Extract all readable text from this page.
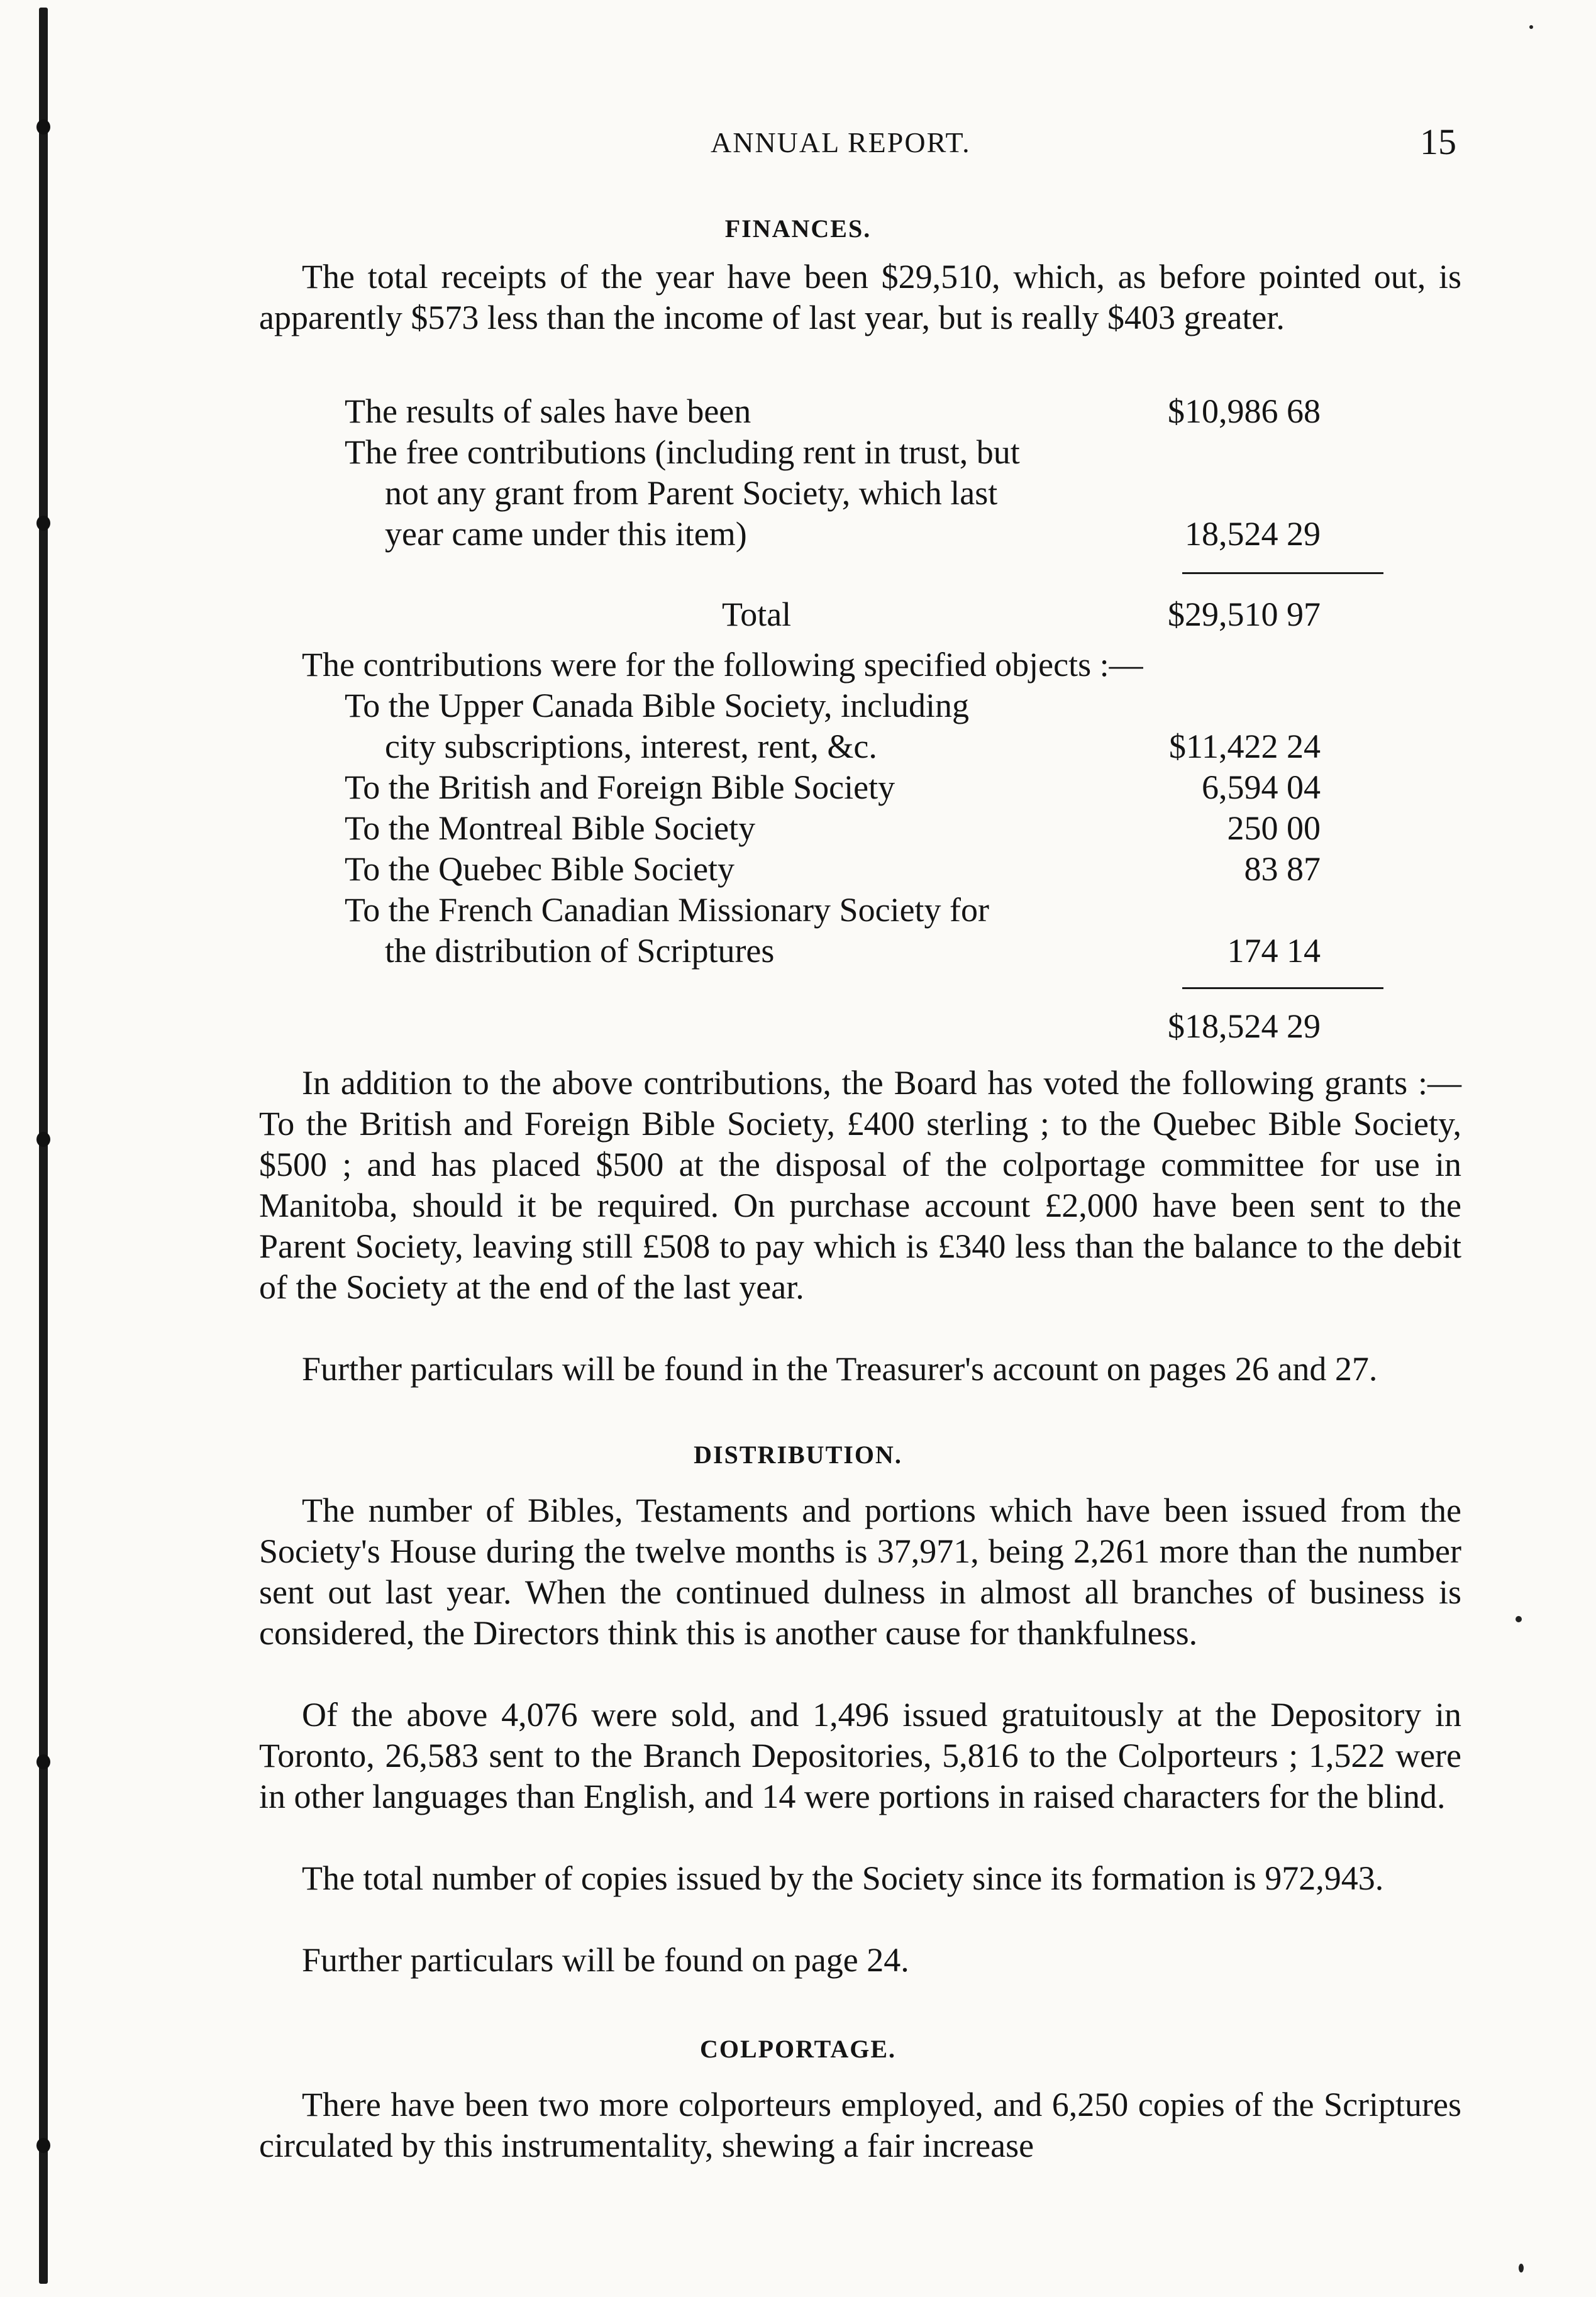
ANNUAL REPORT.	15
FINANCES.

The total receipts of the year have been $29,510, which, as before pointed out, is apparently $573 less than the income of last year, but is really $403 greater.

The results of sales have been	$10,986 68
The free contributions (including rent in trust, but
not any grant from Parent Society, which last
year came under this item)	18,524 29
Total	$29,510 97
The contributions were for the following specified objects :—
To the Upper Canada Bible Society, including
city subscriptions, interest, rent, &c.	$11,422 24
To the British and Foreign Bible Society	6,594 04
To the Montreal Bible Society	250 00
To the Quebec Bible Society	83 87
To the French Canadian Missionary Society for
the distribution of Scriptures	174 14
$18,524 29

In addition to the above contributions, the Board has voted the following grants :—To the British and Foreign Bible Society, £400 sterling ; to the Quebec Bible Society, $500 ; and has placed $500 at the disposal of the colportage committee for use in Manitoba, should it be required. On purchase account £2,000 have been sent to the Parent Society, leaving still £508 to pay which is £340 less than the balance to the debit of the Society at the end of the last year.

Further particulars will be found in the Treasurer's account on pages 26 and 27.

DISTRIBUTION.

The number of Bibles, Testaments and portions which have been issued from the Society's House during the twelve months is 37,971, being 2,261 more than the number sent out last year. When the continued dulness in almost all branches of business is considered, the Directors think this is another cause for thankfulness.

Of the above 4,076 were sold, and 1,496 issued gratuitously at the Depository in Toronto, 26,583 sent to the Branch Depositories, 5,816 to the Colporteurs ; 1,522 were in other languages than English, and 14 were portions in raised characters for the blind.

The total number of copies issued by the Society since its formation is 972,943.

Further particulars will be found on page 24.

COLPORTAGE.

There have been two more colporteurs employed, and 6,250 copies of the Scriptures circulated by this instrumentality, shewing a fair increase
